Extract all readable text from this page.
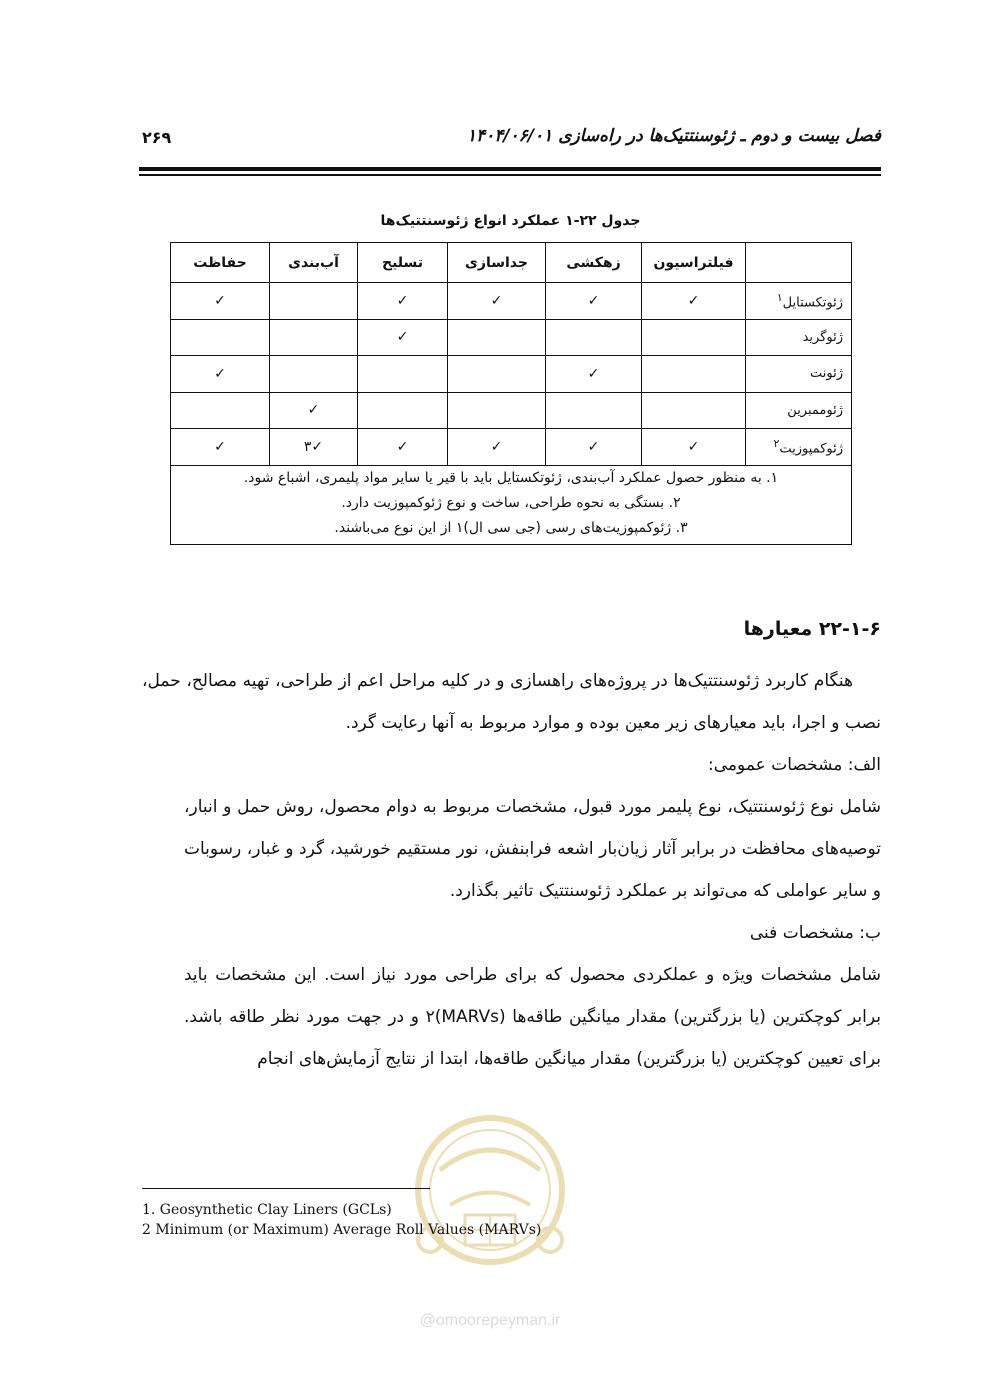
فصل بیست و دوم ـ ژئوسنتتیک‌ها در راه‌سازی ۱۴۰۴/۰۶/۰۱
۲۶۹
جدول ۲۲-۱ عملکرد انواع ژئوسنتتیک‌ها
	فیلتراسیون	زهکشی	جداسازی	تسلیح	آب‌بندی	حفاظت
ژئوتکستایل$^۱$	✓	✓	✓	✓		✓
ژئوگرید				✓		
ژئونت		✓				✓
ژئوممبرین					✓	
ژئوکمپوزیت$^۲$	✓	✓	✓	✓	✓۳	✓

۱. به منظور حصول عملکرد آب‌بندی، ژئوتکستایل باید با قیر یا سایر مواد پلیمری، اشباع شود.
۲. بستگی به نحوه طراحی، ساخت و نوع ژئوکمپوزیت دارد.
۳. ژئوکمپوزیت‌های رسی (جی سی ال)۱ از این نوع می‌باشند.						
۲۲-۱-۶ معیارها
هنگام کاربرد ژئوسنتتیک‌ها در پروژه‌های راهسازی و در کلیه مراحل اعم از طراحی، تهیه مصالح، حمل، نصب و اجرا، باید معیارهای زیر معین بوده و موارد مربوط به آنها رعایت گرد.
الف: مشخصات عمومی:
شامل نوع ژئوسنتتیک، نوع پلیمر مورد قبول، مشخصات مربوط به دوام محصول، روش حمل و انبار، توصیه‌های محافظت در برابر آثار زیان‌بار اشعه فرابنفش، نور مستقیم خورشید، گرد و غبار، رسوبات و سایر عواملی که می‌تواند بر عملکرد ژئوسنتتیک تاثیر بگذارد.
ب: مشخصات فنی
شامل مشخصات ویژه و عملکردی محصول که برای طراحی مورد نیاز است. این مشخصات باید برابر کوچکترین (یا بزرگترین) مقدار میانگین طاقه‌ها (MARVs)۲ و در جهت مورد نظر طاقه باشد. برای تعیین کوچکترین (یا بزرگترین) مقدار میانگین طاقه‌ها، ابتدا از نتایج آزمایش‌های انجام
@omoorepeyman.ir
1. Geosynthetic Clay Liners (GCLs)
2 Minimum (or Maximum) Average Roll Values (MARVs)
